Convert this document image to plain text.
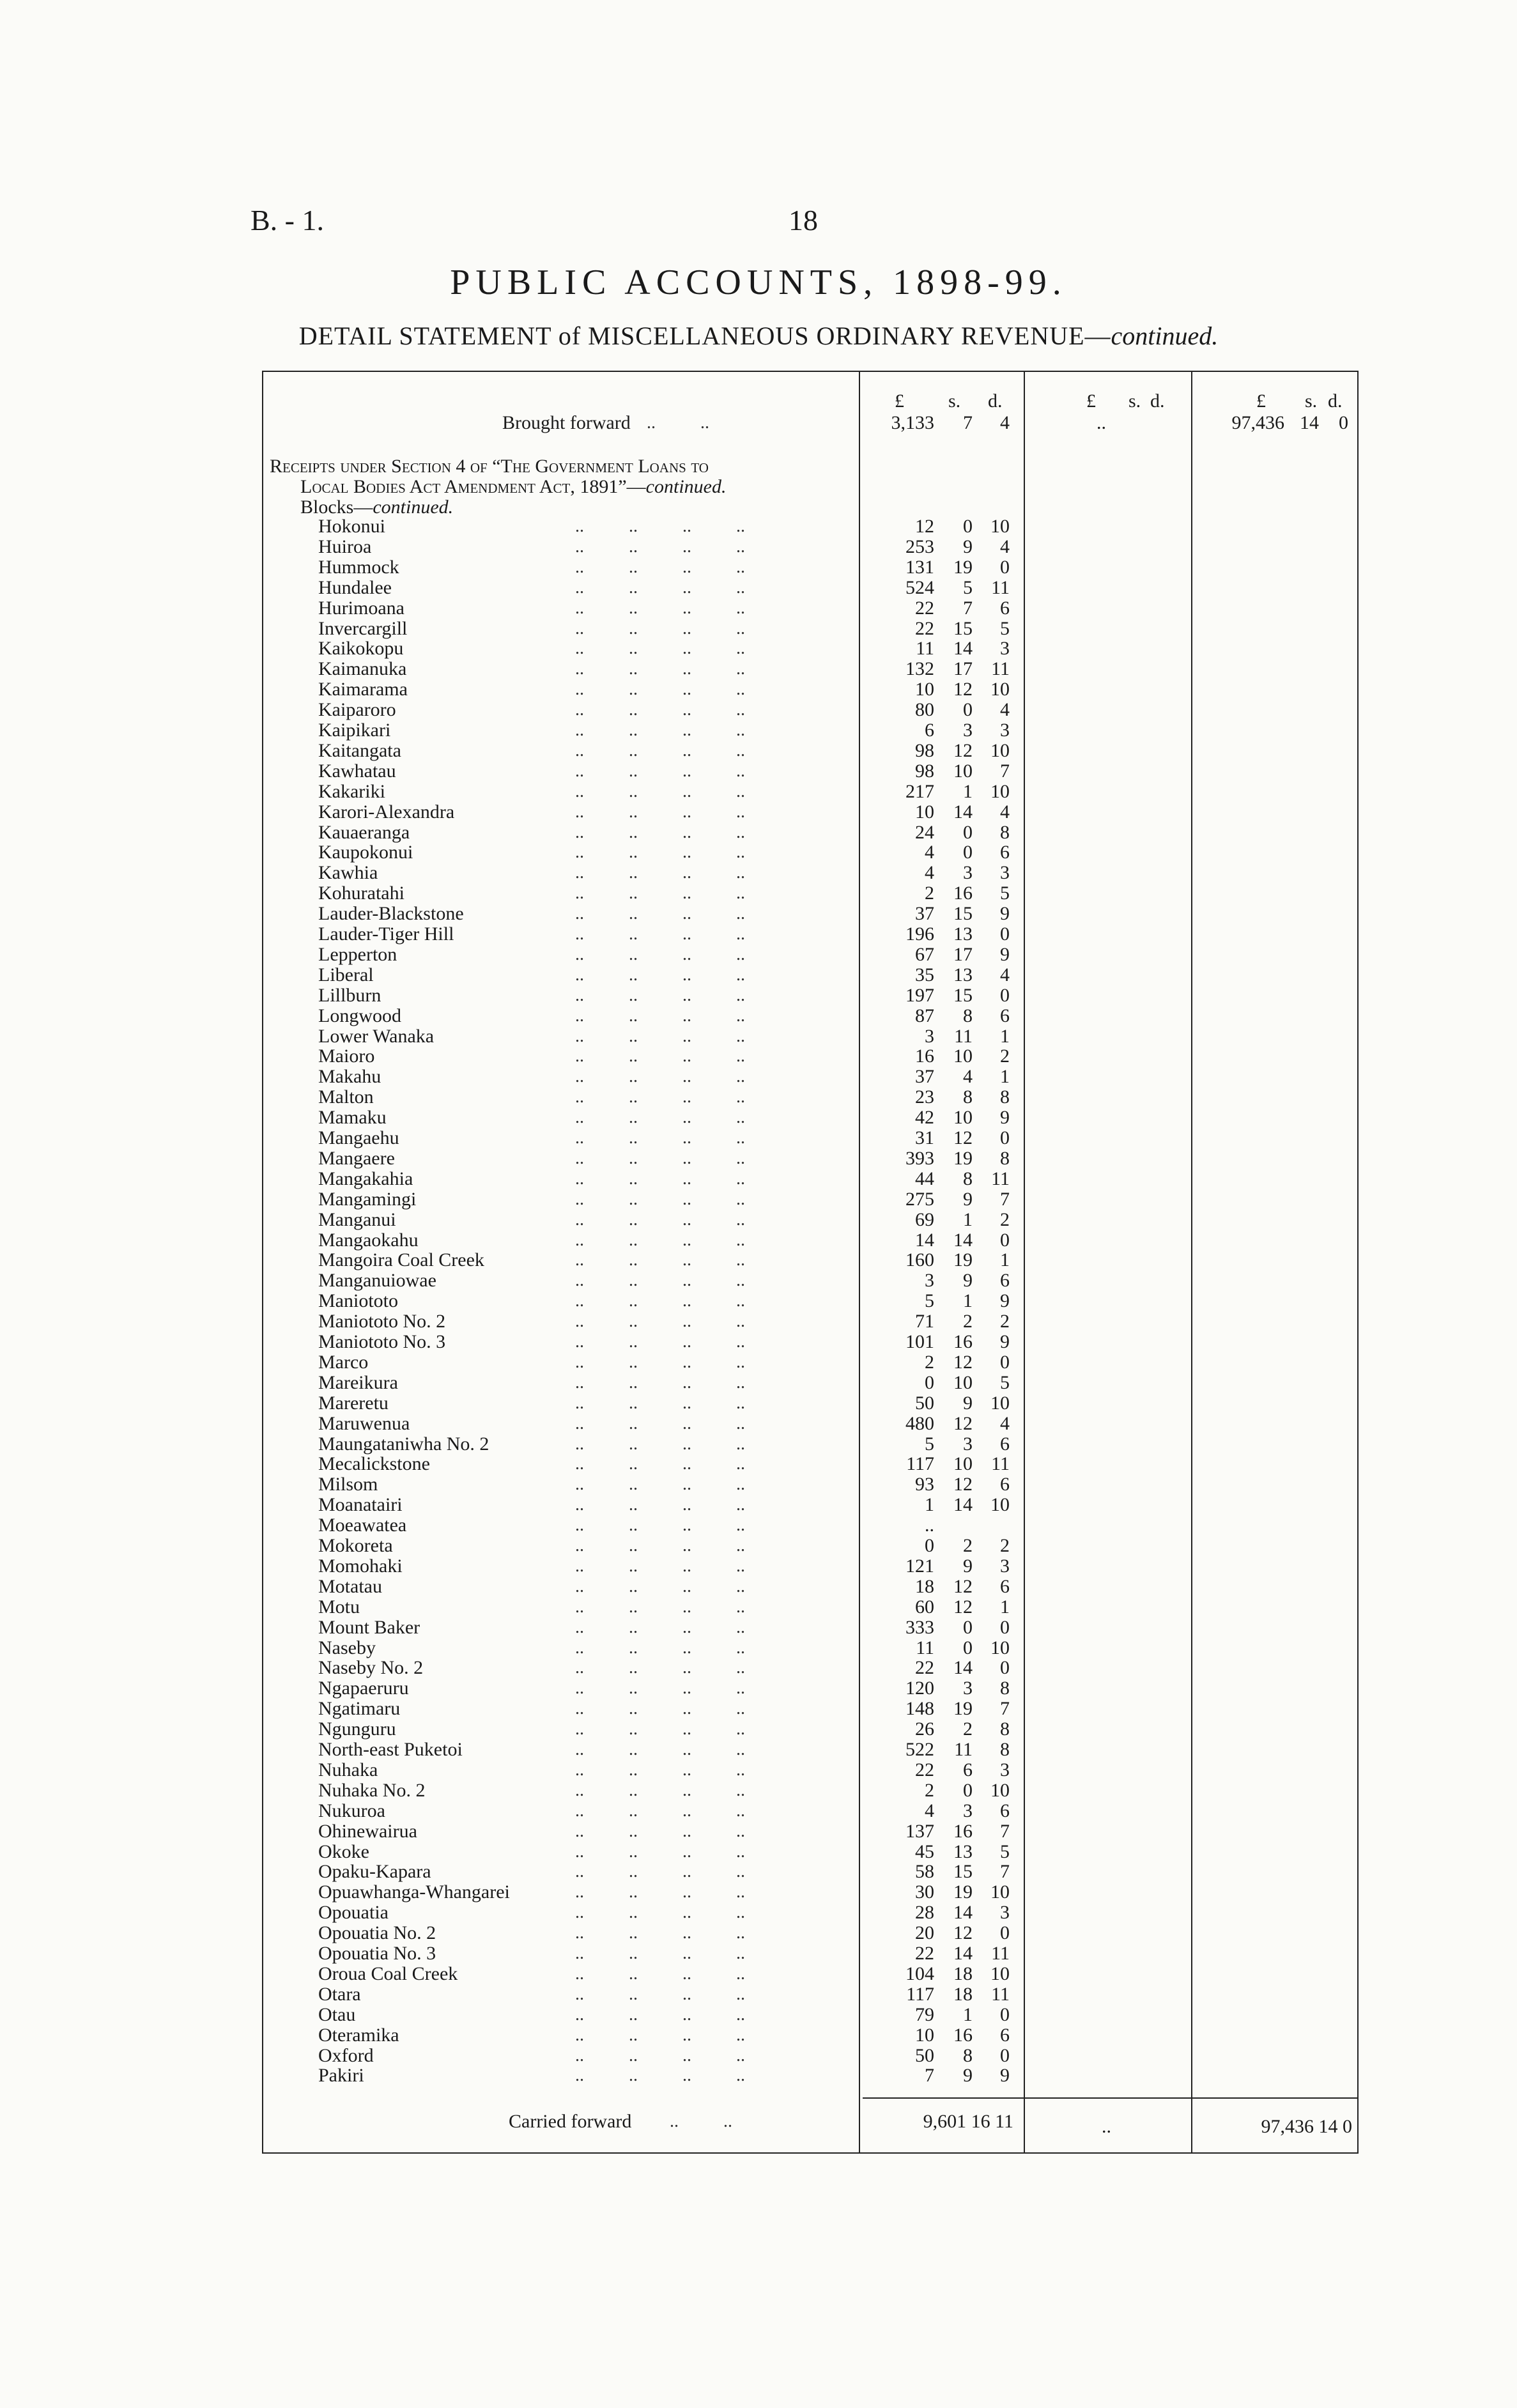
B. - 1.	18
PUBLIC ACCOUNTS, 1898-99.
DETAIL STATEMENT of MISCELLANEOUS ORDINARY REVENUE—continued.
£ s. d.	£ s. d.	£ s. d.
Brought forward ..          ..	3,133	7	4	..	97,436 14	0
Receipts under Section 4 of “The Government Loans to
Local Bodies Act Amendment Act, 1891”—continued.
Blocks—continued.
Hokonui	..          ..          ..          ..	12	0 10
Huiroa	..          ..          ..          ..	253	9	4
Hummock	..          ..          ..          ..	131	19	0
Hundalee	..          ..          ..          ..	524	5 11
Hurimoana	..          ..          ..          ..	22	7	6
Invercargill	..          ..          ..          ..	22	15	5
Kaikokopu	..          ..          ..          ..	11	14	3
Kaimanuka	..          ..          ..          ..	132	17 11
Kaimarama	..          ..          ..          ..	10	12 10
Kaiparoro	..          ..          ..          ..	80	0	4
Kaipikari	..          ..          ..          ..	6	3	3
Kaitangata	..          ..          ..          ..	98	12 10
Kawhatau	..          ..          ..          ..	98	10	7
Kakariki	..          ..          ..          ..	217	1 10
Karori-Alexandra	..          ..          ..          ..	10	14	4
Kauaeranga	..          ..          ..          ..	24	0	8
Kaupokonui	..          ..          ..          ..	4	0	6
Kawhia	..          ..          ..          ..	4	3	3
Kohuratahi	..          ..          ..          ..	2	16	5
Lauder-Blackstone	..          ..          ..          ..	37	15	9
Lauder-Tiger Hill	..          ..          ..          ..	196	13	0
Lepperton	..          ..          ..          ..	67	17	9
Liberal	..          ..          ..          ..	35	13	4
Lillburn	..          ..          ..          ..	197	15	0
Longwood	..          ..          ..          ..	87	8	6
Lower Wanaka	..          ..          ..          ..	3	11	1
Maioro	..          ..          ..          ..	16	10	2
Makahu	..          ..          ..          ..	37	4	1
Malton	..          ..          ..          ..	23	8	8
Mamaku	..          ..          ..          ..	42	10	9
Mangaehu	..          ..          ..          ..	31	12	0
Mangaere	..          ..          ..          ..	393	19	8
Mangakahia	..          ..          ..          ..	44	8 11
Mangamingi	..          ..          ..          ..	275	9	7
Manganui	..          ..          ..          ..	69	1	2
Mangaokahu	..          ..          ..          ..	14	14	0
Mangoira Coal Creek	..          ..          ..          ..	160	19	1
Manganuiowae	..          ..          ..          ..	3	9	6
Maniototo	..          ..          ..          ..	5	1	9
Maniototo No. 2	..          ..          ..          ..	71	2	2
Maniototo No. 3	..          ..          ..          ..	101	16	9
Marco	..          ..          ..          ..	2	12	0
Mareikura	..          ..          ..          ..	0	10	5
Mareretu	..          ..          ..          ..	50	9 10
Maruwenua	..          ..          ..          ..	480	12	4
Maungataniwha No. 2	..          ..          ..          ..	5	3	6
Mecalickstone	..          ..          ..          ..	117	10 11
Milsom	..          ..          ..          ..	93	12	6
Moanatairi	..          ..          ..          ..	1	14 10
Moeawatea	..          ..          ..          ..	..
Mokoreta	..          ..          ..          ..	0	2	2
Momohaki	..          ..          ..          ..	121	9	3
Motatau	..          ..          ..          ..	18	12	6
Motu	..          ..          ..          ..	60	12	1
Mount Baker	..          ..          ..          ..	333	0	0
Naseby	..          ..          ..          ..	11	0 10
Naseby No. 2	..          ..          ..          ..	22	14	0
Ngapaeruru	..          ..          ..          ..	120	3	8
Ngatimaru	..          ..          ..          ..	148	19	7
Ngunguru	..          ..          ..          ..	26	2	8
North-east Puketoi	..          ..          ..          ..	522	11	8
Nuhaka	..          ..          ..          ..	22	6	3
Nuhaka No. 2	..          ..          ..          ..	2	0 10
Nukuroa	..          ..          ..          ..	4	3	6
Ohinewairua	..          ..          ..          ..	137	16	7
Okoke	..          ..          ..          ..	45	13	5
Opaku-Kapara	..          ..          ..          ..	58	15	7
Opuawhanga-Whangarei	..          ..          ..          ..	30	19 10
Opouatia	..          ..          ..          ..	28	14	3
Opouatia No. 2	..          ..          ..          ..	20	12	0
Opouatia No. 3	..          ..          ..          ..	22	14 11
Oroua Coal Creek	..          ..          ..          ..	104	18 10
Otara	..          ..          ..          ..	117	18 11
Otau	..          ..          ..          ..	79	1	0
Oteramika	..          ..          ..          ..	10	16	6
Oxford	..          ..          ..          ..	50	8	0
Pakiri	..          ..          ..          ..	7	9	9
Carried forward ..          ..	9,601 16 11	..	97,436 14 0
